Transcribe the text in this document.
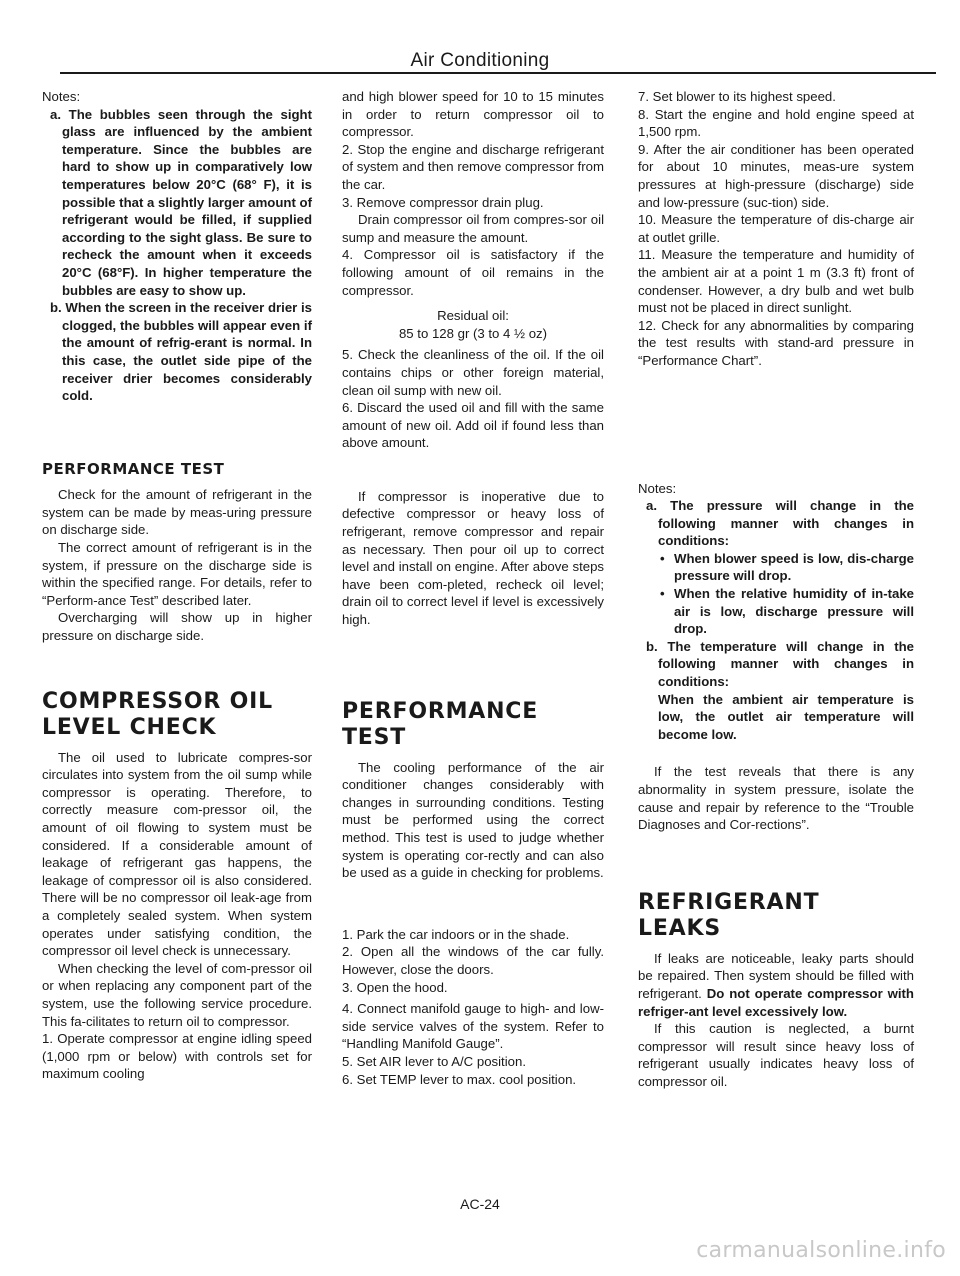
Air Conditioning

Notes:

a. The bubbles seen through the sight glass are influenced by the ambient temperature. Since the bubbles are hard to show up in comparatively low temperatures below 20°C (68° F), it is possible that a slightly larger amount of refrigerant would be filled, if supplied according to the sight glass. Be sure to recheck the amount when it exceeds 20°C (68°F). In higher temperature the bubbles are easy to show up.

b. When the screen in the receiver drier is clogged, the bubbles will appear even if the amount of refrig-erant is normal. In this case, the outlet side pipe of the receiver drier becomes considerably cold.

PERFORMANCE TEST

Check for the amount of refrigerant in the system can be made by meas-uring pressure on discharge side.

The correct amount of refrigerant is in the system, if pressure on the discharge side is within the specified range. For details, refer to “Perform-ance Test” described later.

Overcharging will show up in higher pressure on discharge side.

COMPRESSOR OIL
LEVEL CHECK

The oil used to lubricate compres-sor circulates into system from the oil sump while compressor is operating. Therefore, to correctly measure com-pressor oil, the amount of oil flowing to system must be considered. If a considerable amount of leakage of refrigerant gas happens, the leakage of compressor oil is also considered. There will be no compressor oil leak-age from a completely sealed system. When system operates under satisfying condition, the compressor oil level check is unnecessary.

When checking the level of com-pressor oil or when replacing any component part of the system, use the following service procedure. This fa-cilitates to return oil to compressor.

1. Operate compressor at engine idling speed (1,000 rpm or below) with controls set for maximum cooling

and high blower speed for 10 to 15 minutes in order to return compressor oil to compressor.

2. Stop the engine and discharge refrigerant of system and then remove compressor from the car.

3. Remove compressor drain plug.

Drain compressor oil from compres-sor oil sump and measure the amount.

4. Compressor oil is satisfactory if the following amount of oil remains in the compressor.

Residual oil:

85 to 128 gr (3 to 4 ½ oz)

5. Check the cleanliness of the oil. If the oil contains chips or other foreign material, clean oil sump with new oil.

6. Discard the used oil and fill with the same amount of new oil. Add oil if found less than above amount.

If compressor is inoperative due to defective compressor or heavy loss of refrigerant, remove compressor and repair as necessary. Then pour oil up to correct level and install on engine. After above steps have been com-pleted, recheck oil level; drain oil to correct level if level is excessively high.

PERFORMANCE TEST

The cooling performance of the air conditioner changes considerably with changes in surrounding conditions. Testing must be performed using the correct method. This test is used to judge whether system is operating cor-rectly and can also be used as a guide in checking for problems.

1. Park the car indoors or in the shade.

2. Open all the windows of the car fully. However, close the doors.

3. Open the hood.

4. Connect manifold gauge to high- and low-side service valves of the system. Refer to “Handling Manifold Gauge”.

5. Set AIR lever to A/C position.

6. Set TEMP lever to max. cool position.

7. Set blower to its highest speed.

8. Start the engine and hold engine speed at 1,500 rpm.

9. After the air conditioner has been operated for about 10 minutes, meas-ure system pressures at high-pressure (discharge) side and low-pressure (suc-tion) side.

10. Measure the temperature of dis-charge air at outlet grille.

11. Measure the temperature and humidity of the ambient air at a point 1 m (3.3 ft) front of condenser. However, a dry bulb and wet bulb must not be placed in direct sunlight.

12. Check for any abnormalities by comparing the test results with stand-ard pressure in “Performance Chart”.

Notes:

a. The pressure will change in the following manner with changes in conditions:

• When blower speed is low, dis-charge pressure will drop.

• When the relative humidity of in-take air is low, discharge pressure will drop.

b. The temperature will change in the following manner with changes in conditions:

When the ambient air temperature is low, the outlet air temperature will become low.

If the test reveals that there is any abnormality in system pressure, isolate the cause and repair by reference to the “Trouble Diagnoses and Cor-rections”.

REFRIGERANT
LEAKS

If leaks are noticeable, leaky parts should be repaired. Then system should be filled with refrigerant. Do not operate compressor with refriger-ant level excessively low.

If this caution is neglected, a burnt compressor will result since heavy loss of refrigerant usually indicates heavy loss of compressor oil.

AC-24
carmanualsonline.info
